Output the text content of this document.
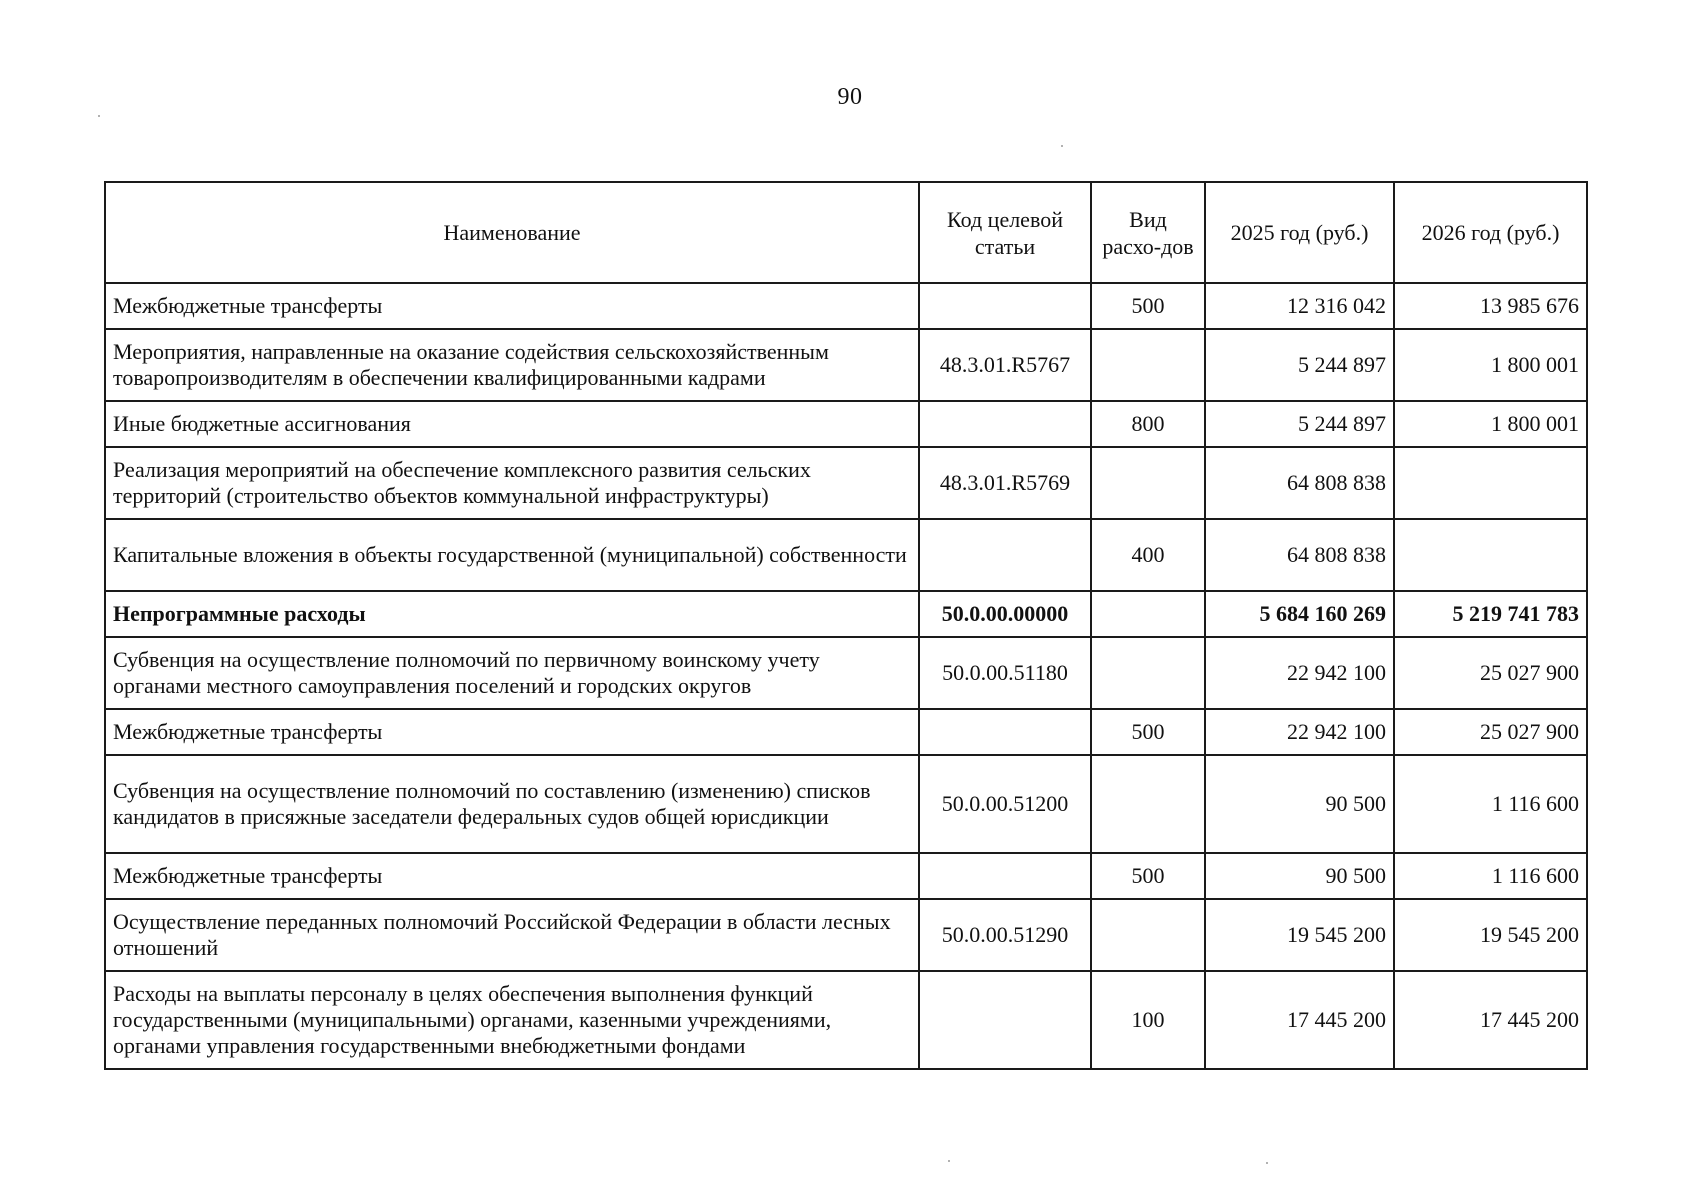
90
Наименование	Код целевой статьи	Вид расхо-дов	2025 год (руб.)	2026 год (руб.)
Межбюджетные трансферты		500	12 316 042	13 985 676
Мероприятия, направленные на оказание содействия сельскохозяйственным товаропроизводителям в обеспечении квалифицированными кадрами	48.3.01.R5767		5 244 897	1 800 001
Иные бюджетные ассигнования		800	5 244 897	1 800 001
Реализация мероприятий на обеспечение комплексного развития сельских территорий (строительство объектов коммунальной инфраструктуры)	48.3.01.R5769		64 808 838	
Капитальные вложения в объекты государственной (муниципальной) собственности		400	64 808 838	
Непрограммные расходы	50.0.00.00000		5 684 160 269	5 219 741 783
Субвенция на осуществление полномочий по первичному воинскому учету органами местного самоуправления поселений и городских округов	50.0.00.51180		22 942 100	25 027 900
Межбюджетные трансферты		500	22 942 100	25 027 900
Субвенция на осуществление полномочий по составлению (изменению) списков кандидатов в присяжные заседатели федеральных судов общей юрисдикции	50.0.00.51200		90 500	1 116 600
Межбюджетные трансферты		500	90 500	1 116 600
Осуществление переданных полномочий Российской Федерации в области лесных отношений	50.0.00.51290		19 545 200	19 545 200
Расходы на выплаты персоналу в целях обеспечения выполнения функций государственными (муниципальными) органами, казенными учреждениями, органами управления государственными внебюджетными фондами		100	17 445 200	17 445 200
